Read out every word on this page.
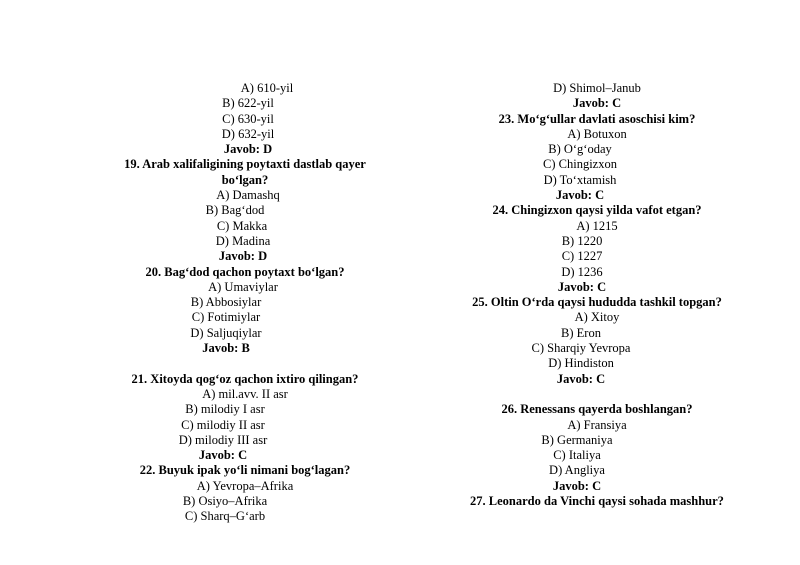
A) 610-yil
B) 622-yil
C) 630-yil
D) 632-yil
Javob: D
19. Arab xalifaligining poytaxti dastlab qayer
bo‘lgan?
A) Damashq
B) Bag‘dod
C) Makka
D) Madina
Javob: D
20. Bag‘dod qachon poytaxt bo‘lgan?
A) Umaviylar
B) Abbosiylar
C) Fotimiylar
D) Saljuqiylar
Javob: B
21. Xitoyda qog‘oz qachon ixtiro qilingan?
A) mil.avv. II asr
B) milodiy I asr
C) milodiy II asr
D) milodiy III asr
Javob: C
22. Buyuk ipak yo‘li nimani bog‘lagan?
A) Yevropa–Afrika
B) Osiyo–Afrika
C) Sharq–G‘arb
D) Shimol–Janub
Javob: C
23. Mo‘g‘ullar davlati asoschisi kim?
A) Botuxon
B) O‘g‘oday
C) Chingizxon
D) To‘xtamish
Javob: C
24. Chingizxon qaysi yilda vafot etgan?
A) 1215
B) 1220
C) 1227
D) 1236
Javob: C
25. Oltin O‘rda qaysi hududda tashkil topgan?
A) Xitoy
B) Eron
C) Sharqiy Yevropa
D) Hindiston
Javob: C
26. Renessans qayerda boshlangan?
A) Fransiya
B) Germaniya
C) Italiya
D) Angliya
Javob: C
27. Leonardo da Vinchi qaysi sohada mashhur?
